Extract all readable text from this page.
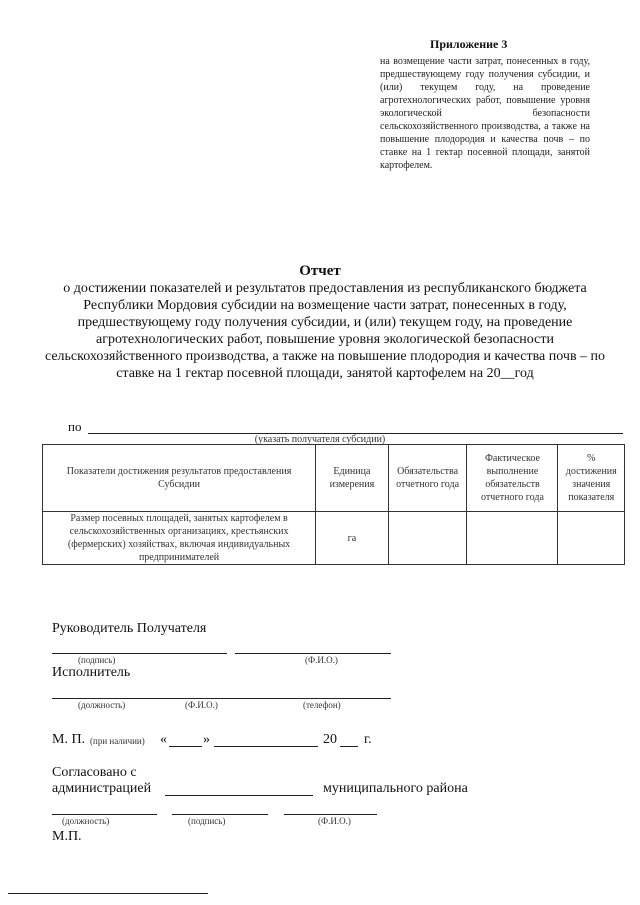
Приложение 3
на возмещение части затрат, понесенных в году, предшествующему году получения субсидии, и (или) текущем году, на проведение агротехнологических работ, повышение уровня экологической безопасности сельскохозяйственного производства, а также на повышение плодородия и качества почв – по ставке на 1 гектар посевной площади, занятой картофелем.
Отчет
о достижении показателей и результатов предоставления из республиканского бюджета Республики Мордовия субсидии на возмещение части затрат, понесенных в году, предшествующему году получения субсидии, и (или) текущем году, на проведение агротехнологических работ, повышение уровня экологической безопасности сельскохозяйственного производства, а также на повышение плодородия и качества почв – по ставке на 1 гектар посевной площади, занятой картофелем на 20__год
по
(указать получателя субсидии)
Показатели достижения результатов предоставления Субсидии	Единица измерения	Обязательства отчетного года	Фактическое выполнение обязательств отчетного года	% достижения значения показателя
Размер посевных площадей, занятых картофелем в сельскохозяйственных организациях, крестьянских (фермерских) хозяйствах, включая индивидуальных предпринимателей	га			
Руководитель Получателя
(подпись)	(Ф.И.О.)
Исполнитель
(должность)	(Ф.И.О.)	(телефон)
М. П. (при наличии) «	»	20 г.
Согласовано с
администрацией	муниципального района
(должность)	(подпись)	(Ф.И.О.)
М.П.
